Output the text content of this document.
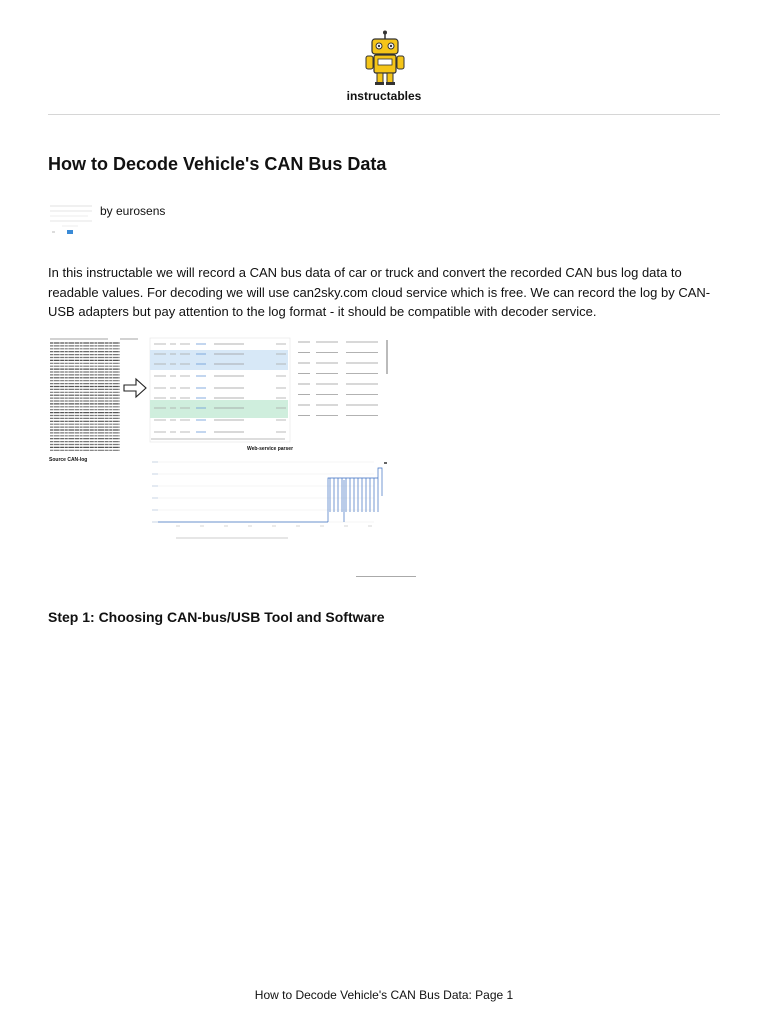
instructables
How to Decode Vehicle's CAN Bus Data
by eurosens

In this instructable we will record a CAN bus data of car or truck and convert the recorded CAN bus log data to readable values. For decoding we will use can2sky.com cloud service which is free. We can record the log by CAN-USB adapters but pay attention to the log format - it should be compatible with decoder service.

Source CAN-log
Web-service parser
Step 1: Choosing CAN-bus/USB Tool and Software
How to Decode Vehicle's CAN Bus Data: Page 1
